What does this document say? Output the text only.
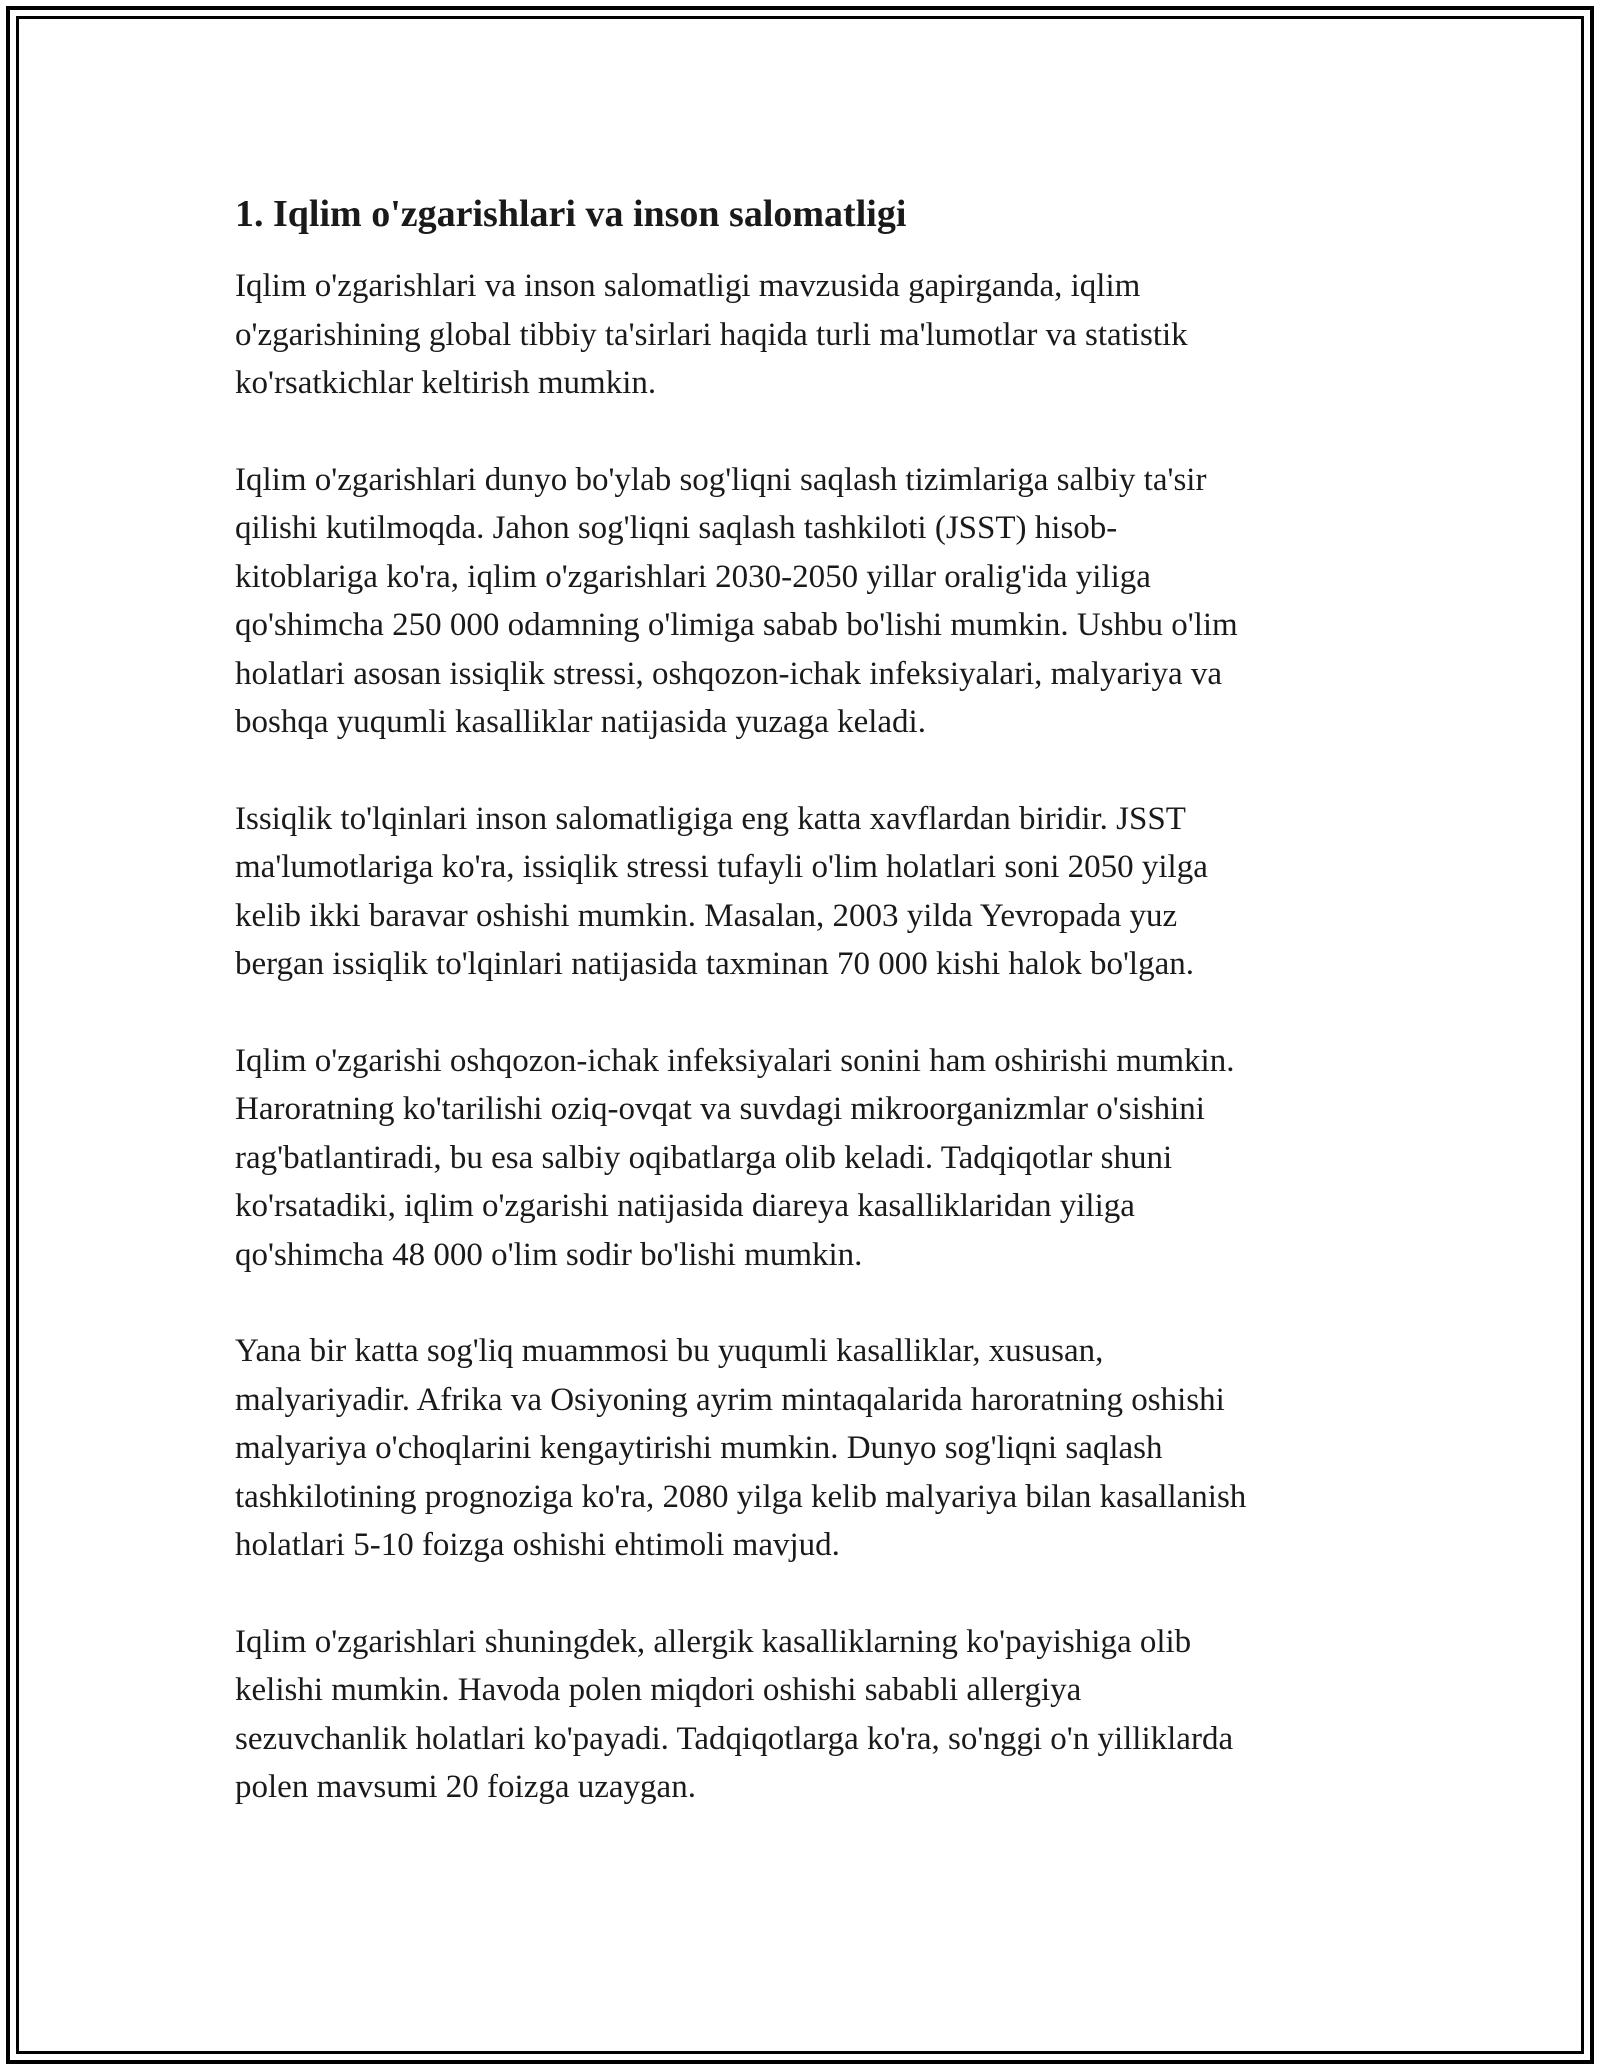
1. Iqlim o'zgarishlari va inson salomatligi

Iqlim o'zgarishlari va inson salomatligi mavzusida gapirganda, iqlim
o'zgarishining global tibbiy ta'sirlari haqida turli ma'lumotlar va statistik
ko'rsatkichlar keltirish mumkin.

Iqlim o'zgarishlari dunyo bo'ylab sog'liqni saqlash tizimlariga salbiy ta'sir
qilishi kutilmoqda. Jahon sog'liqni saqlash tashkiloti (JSST) hisob-
kitoblariga ko'ra, iqlim o'zgarishlari 2030-2050 yillar oralig'ida yiliga
qo'shimcha 250 000 odamning o'limiga sabab bo'lishi mumkin. Ushbu o'lim
holatlari asosan issiqlik stressi, oshqozon-ichak infeksiyalari, malyariya va
boshqa yuqumli kasalliklar natijasida yuzaga keladi.

Issiqlik to'lqinlari inson salomatligiga eng katta xavflardan biridir. JSST
ma'lumotlariga ko'ra, issiqlik stressi tufayli o'lim holatlari soni 2050 yilga
kelib ikki baravar oshishi mumkin. Masalan, 2003 yilda Yevropada yuz
bergan issiqlik to'lqinlari natijasida taxminan 70 000 kishi halok bo'lgan.

Iqlim o'zgarishi oshqozon-ichak infeksiyalari sonini ham oshirishi mumkin.
Haroratning ko'tarilishi oziq-ovqat va suvdagi mikroorganizmlar o'sishini
rag'batlantiradi, bu esa salbiy oqibatlarga olib keladi. Tadqiqotlar shuni
ko'rsatadiki, iqlim o'zgarishi natijasida diareya kasalliklaridan yiliga
qo'shimcha 48 000 o'lim sodir bo'lishi mumkin.

Yana bir katta sog'liq muammosi bu yuqumli kasalliklar, xususan,
malyariyadir. Afrika va Osiyoning ayrim mintaqalarida haroratning oshishi
malyariya o'choqlarini kengaytirishi mumkin. Dunyo sog'liqni saqlash
tashkilotining prognoziga ko'ra, 2080 yilga kelib malyariya bilan kasallanish
holatlari 5-10 foizga oshishi ehtimoli mavjud.

Iqlim o'zgarishlari shuningdek, allergik kasalliklarning ko'payishiga olib
kelishi mumkin. Havoda polen miqdori oshishi sababli allergiya
sezuvchanlik holatlari ko'payadi. Tadqiqotlarga ko'ra, so'nggi o'n yilliklarda
polen mavsumi 20 foizga uzaygan.
